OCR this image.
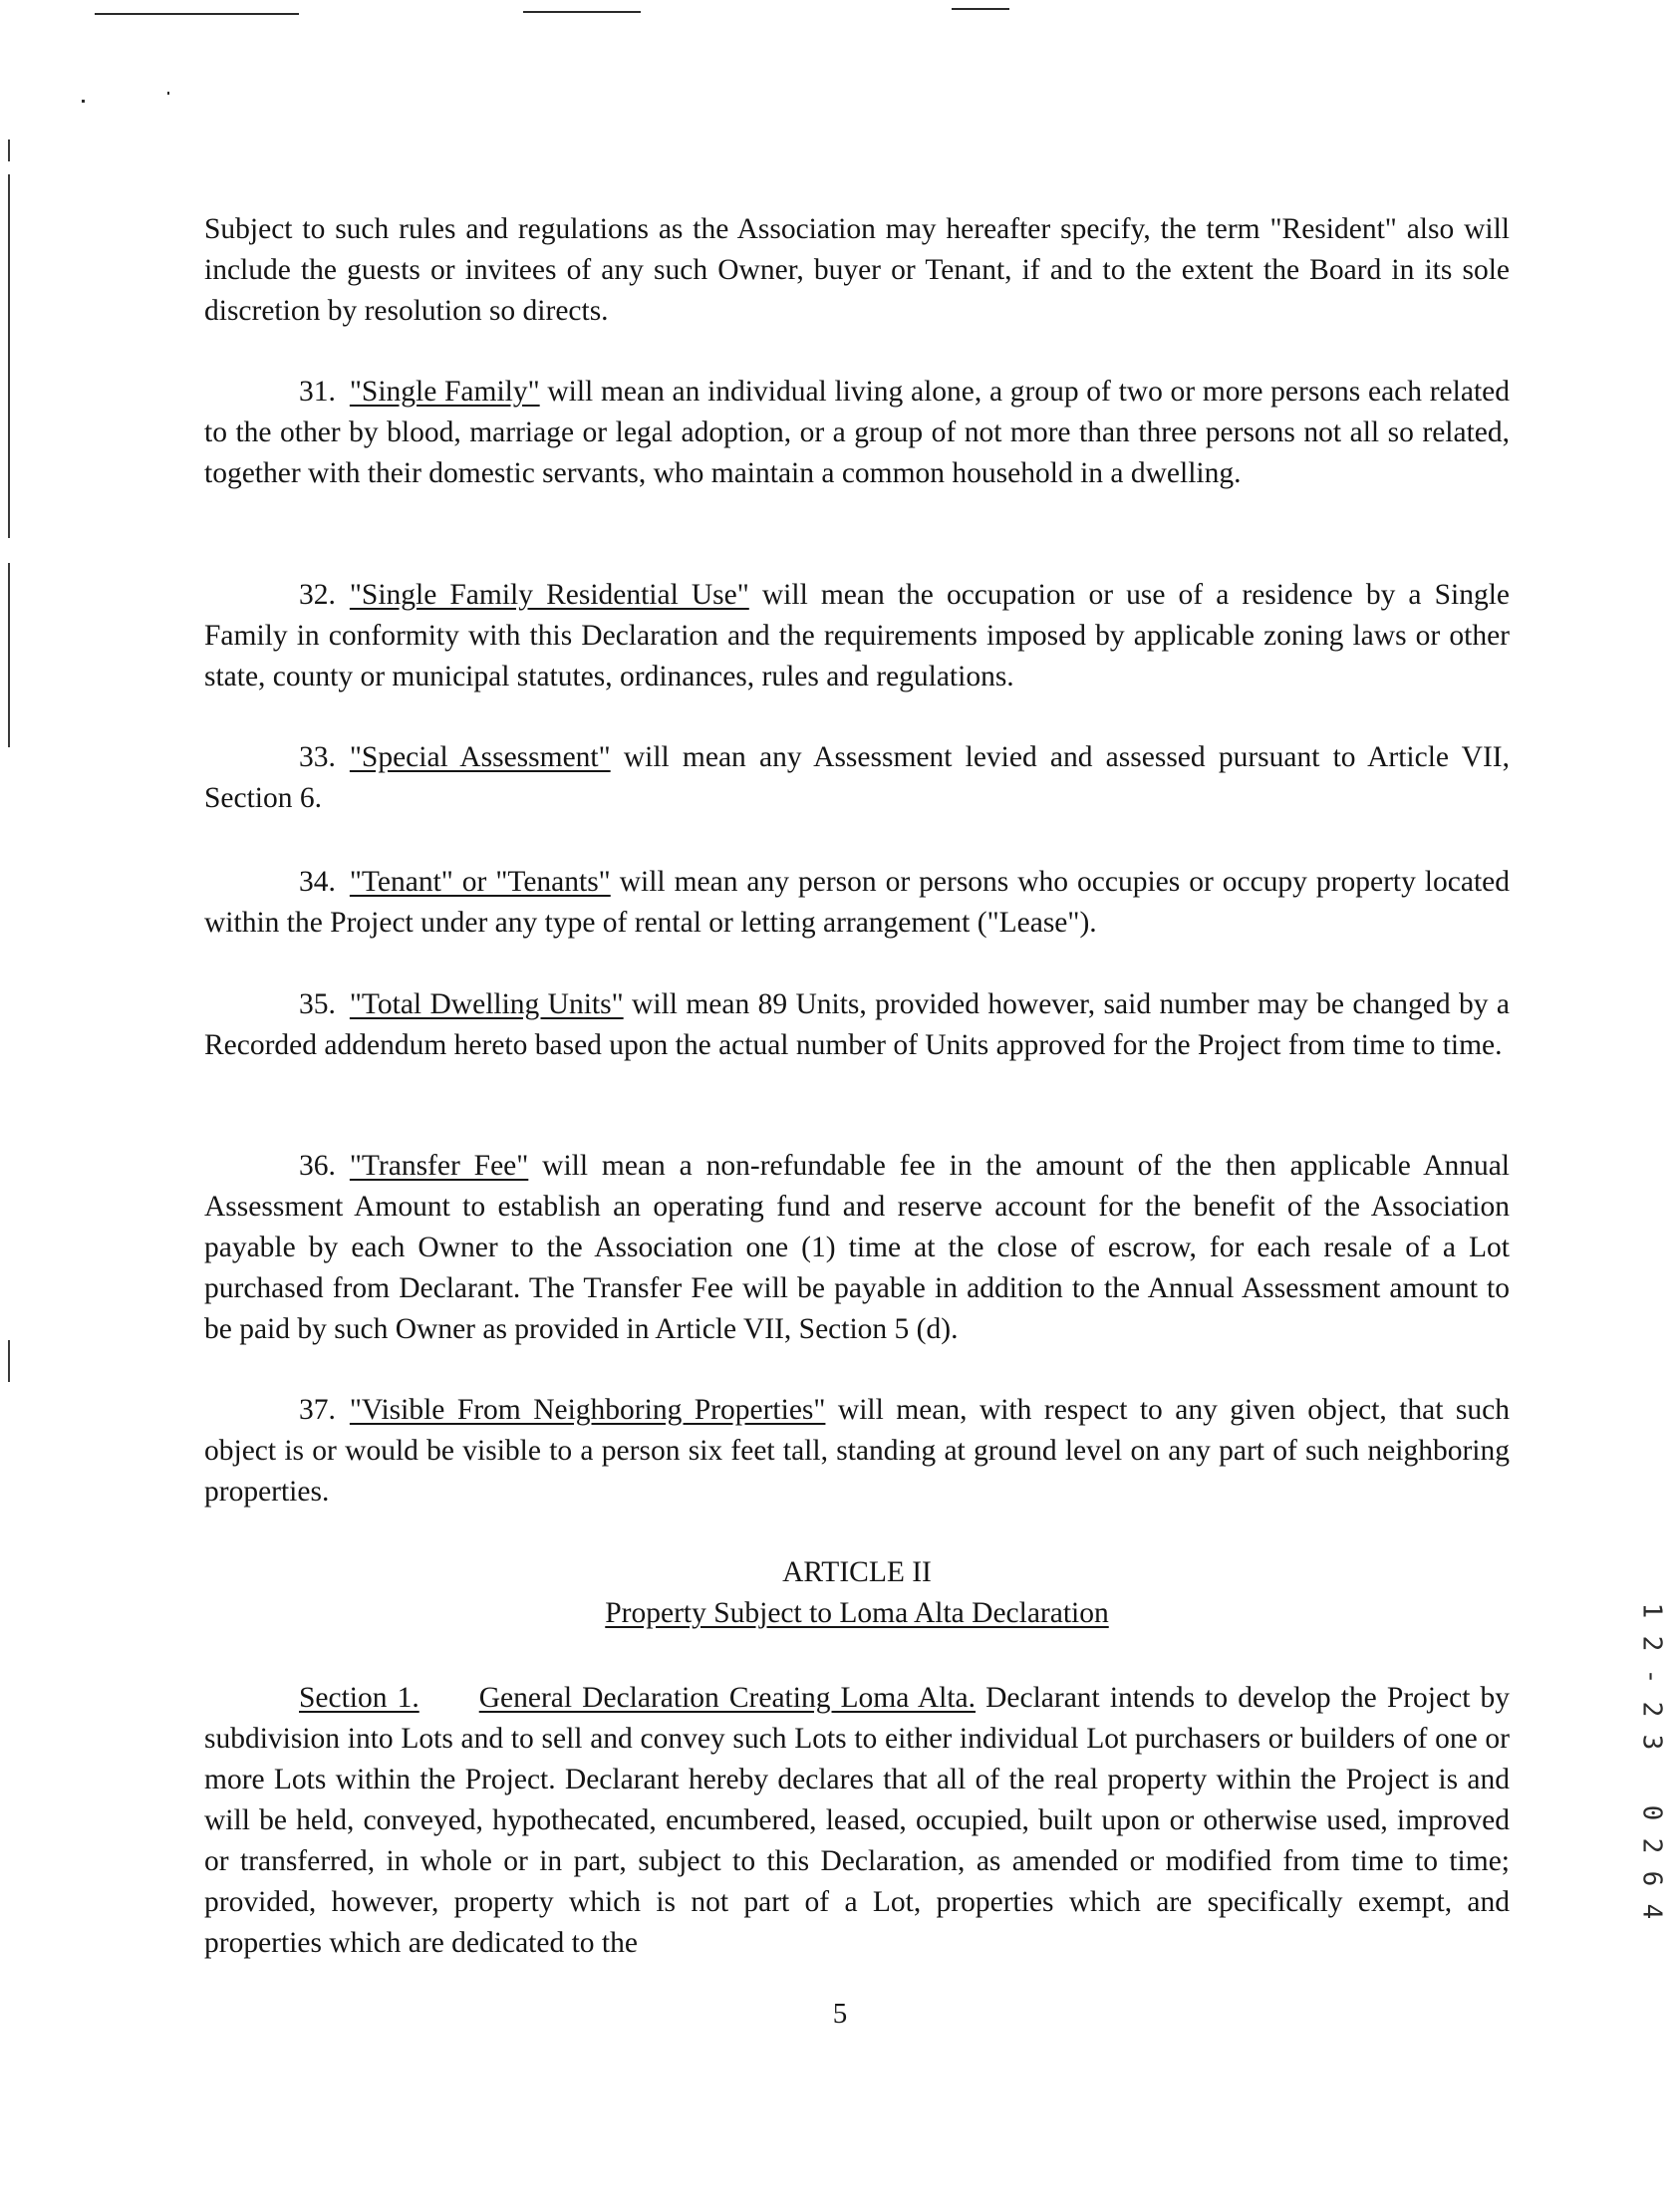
Subject to such rules and regulations as the Association may hereafter specify, the term "Resident" also will include the guests or invitees of any such Owner, buyer or Tenant, if and to the extent the Board in its sole discretion by resolution so directs.

31. "Single Family" will mean an individual living alone, a group of two or more persons each related to the other by blood, marriage or legal adoption, or a group of not more than three persons not all so related, together with their domestic servants, who maintain a common household in a dwelling.

32. "Single Family Residential Use" will mean the occupation or use of a residence by a Single Family in conformity with this Declaration and the requirements imposed by applicable zoning laws or other state, county or municipal statutes, ordinances, rules and regulations.

33. "Special Assessment" will mean any Assessment levied and assessed pursuant to Article VII, Section 6.

34. "Tenant" or "Tenants" will mean any person or persons who occupies or occupy property located within the Project under any type of rental or letting arrangement ("Lease").

35. "Total Dwelling Units" will mean 89 Units, provided however, said number may be changed by a Recorded addendum hereto based upon the actual number of Units approved for the Project from time to time.

36. "Transfer Fee" will mean a non-refundable fee in the amount of the then applicable Annual Assessment Amount to establish an operating fund and reserve account for the benefit of the Association payable by each Owner to the Association one (1) time at the close of escrow, for each resale of a Lot purchased from Declarant. The Transfer Fee will be payable in addition to the Annual Assessment amount to be paid by such Owner as provided in Article VII, Section 5 (d).

37. "Visible From Neighboring Properties" will mean, with respect to any given object, that such object is or would be visible to a person six feet tall, standing at ground level on any part of such neighboring properties.

ARTICLE II

Property Subject to Loma Alta Declaration

Section 1. General Declaration Creating Loma Alta. Declarant intends to develop the Project by subdivision into Lots and to sell and convey such Lots to either individual Lot purchasers or builders of one or more Lots within the Project. Declarant hereby declares that all of the real property within the Project is and will be held, conveyed, hypothecated, encumbered, leased, occupied, built upon or otherwise used, improved or transferred, in whole or in part, subject to this Declaration, as amended or modified from time to time; provided, however, property which is not part of a Lot, properties which are specifically exempt, and properties which are dedicated to the

5

1
2
-
2
3
0
2
6
4
